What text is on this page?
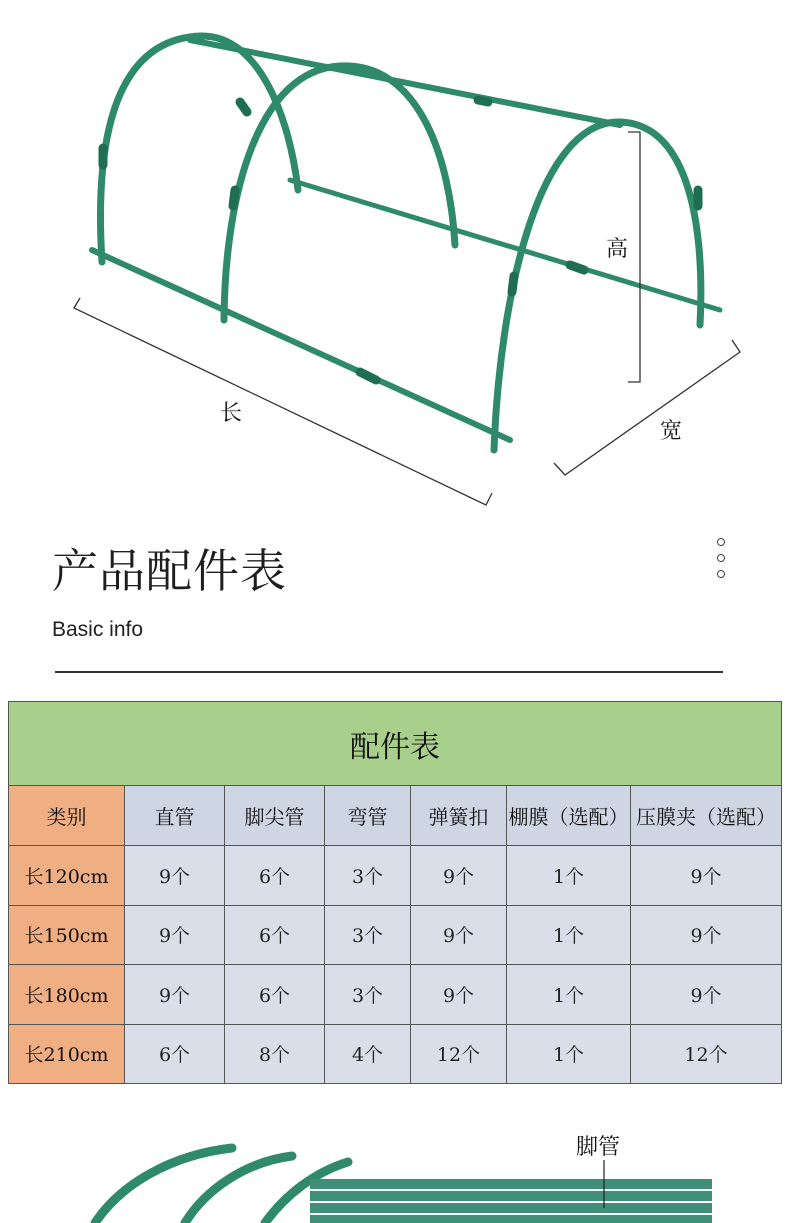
高
长
宽
产品配件表
Basic info
配件表						
类别	直管	脚尖管	弯管	弹簧扣	棚膜（选配）	压膜夹（选配）
长120cm	9个	6个	3个	9个	1个	9个
长150cm	9个	6个	3个	9个	1个	9个
长180cm	9个	6个	3个	9个	1个	9个
长210cm	6个	8个	4个	12个	1个	12个
脚管
